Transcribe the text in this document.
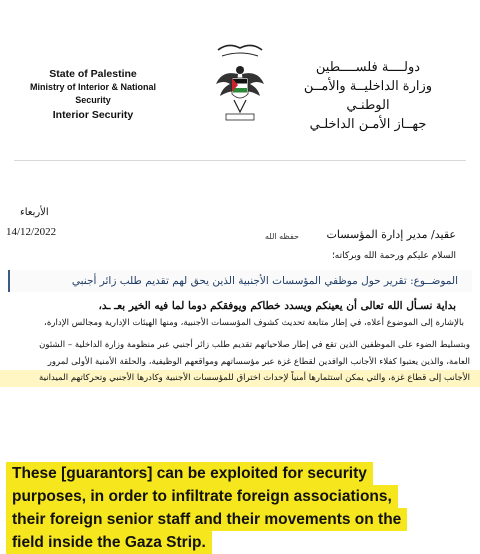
State of Palestine
Ministry of Interior & National
Security
Interior Security
دولــــة فلســــطين
وزارة الداخليــة والأمــن
الوطنـي
جهــاز الأمـن الداخلـي
الأربعاء
14/12/2022	عقيد/ مدير إدارة المؤسسات
حفظه الله
السلام عليكم ورحمة الله وبركاته؛
الموضــوع: تقرير حول موظفي المؤسسات الأجنبية الذين يحق لهم تقديم طلب زائر أجنبي
بداية نسـأل الله تعالى أن يعينكم ويسدد خطاكم ويوفقكم دوما لما فيه الخير بعـ ـد،
بالإشارة إلى الموضوع أعلاه، في إطار متابعة تحديث كشوف المؤسسات الأجنبية، ومنها الهيئات الإدارية ومجالس الإدارة،
وبتسليط الضوء على الموظفين الذين تقع في إطار صلاحياتهم تقديم طلب زائر أجنبي عبر منظومة وزارة الداخلية – الشئون
العامة، والذين يعتبوا كفلاء الأجانب الوافدين لقطاع غزة عبر مؤسساتهم ومواقعهم الوظيفية، والحلقة الأمنية الأولى لمرور
الأجانب إلى قطاع غزة، والتي يمكن استثمارها أمنياً لإحداث اختراق للمؤسسات الأجنبية وكادرها الأجنبي وتحركاتهم الميدانية
These [guarantors] can be exploited for security
purposes, in order to infiltrate foreign associations,
their foreign senior staff and their movements on the
field inside the Gaza Strip.
